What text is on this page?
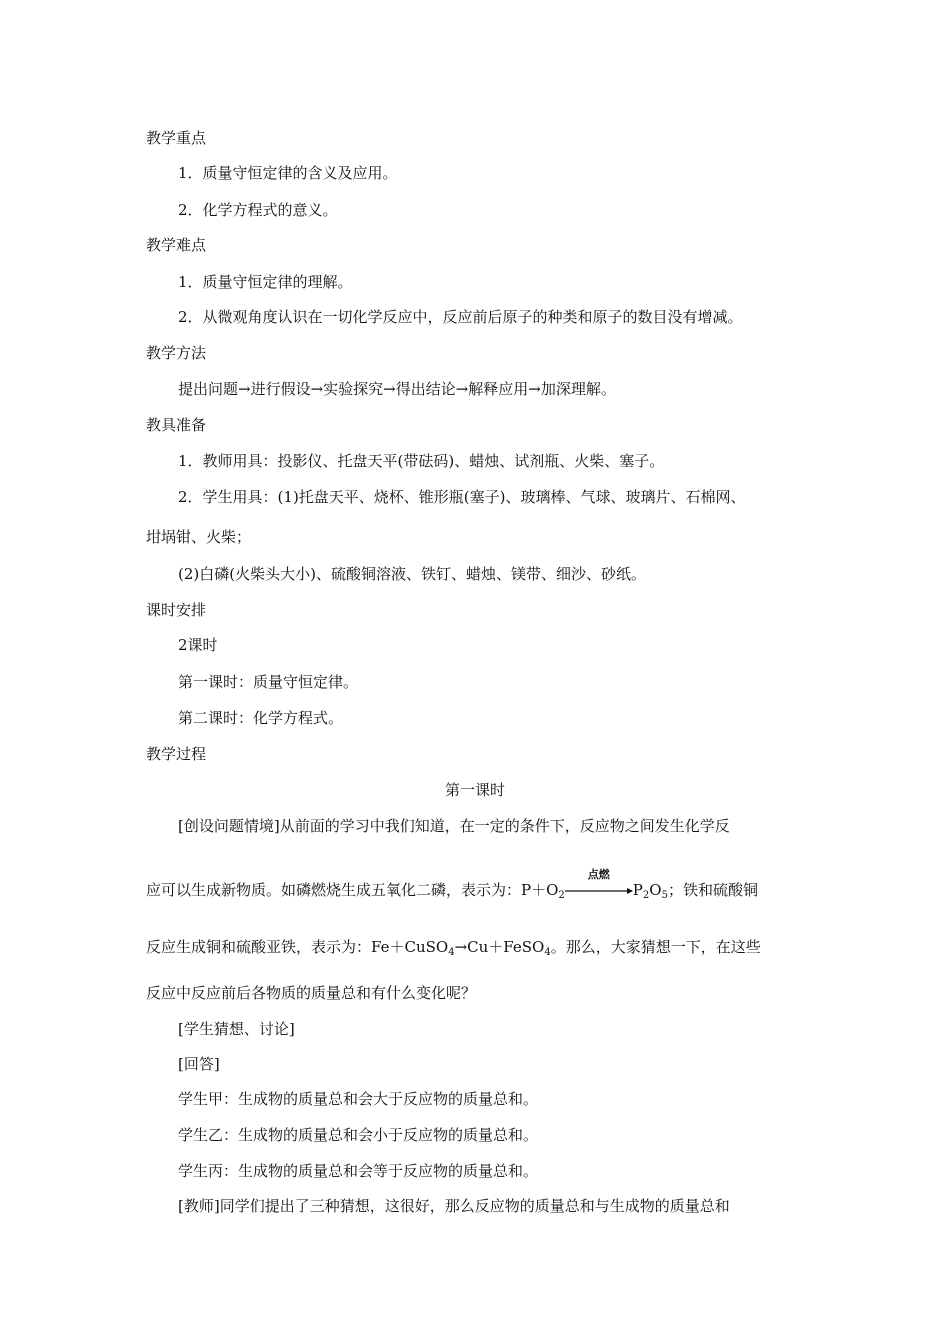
教学重点
1．质量守恒定律的含义及应用。
2．化学方程式的意义。
教学难点
1．质量守恒定律的理解。
2．从微观角度认识在一切化学反应中，反应前后原子的种类和原子的数目没有增减。
教学方法
提出问题→进行假设→实验探究→得出结论→解释应用→加深理解。
教具准备
1．教师用具：投影仪、托盘天平(带砝码)、蜡烛、试剂瓶、火柴、塞子。
2．学生用具：(1)托盘天平、烧杯、锥形瓶(塞子)、玻璃棒、气球、玻璃片、石棉网、
坩埚钳、火柴；
(2)白磷(火柴头大小)、硫酸铜溶液、铁钉、蜡烛、镁带、细沙、砂纸。
课时安排
2课时
第一课时：质量守恒定律。
第二课时：化学方程式。
教学过程
第一课时
[创设问题情境]从前面的学习中我们知道，在一定的条件下，反应物之间发生化学反
应可以生成新物质。如磷燃烧生成五氧化二磷，表示为：$P+O_2$
点燃
$P_2O_5$；铁和硫酸铜
反应生成铜和硫酸亚铁，表示为：Fe＋CuSO$_4$→Cu＋FeSO$_4$。那么，大家猜想一下，在这些
反应中反应前后各物质的质量总和有什么变化呢？
[学生猜想、讨论]
[回答]
学生甲：生成物的质量总和会大于反应物的质量总和。
学生乙：生成物的质量总和会小于反应物的质量总和。
学生丙：生成物的质量总和会等于反应物的质量总和。
[教师]同学们提出了三种猜想，这很好，那么反应物的质量总和与生成物的质量总和
